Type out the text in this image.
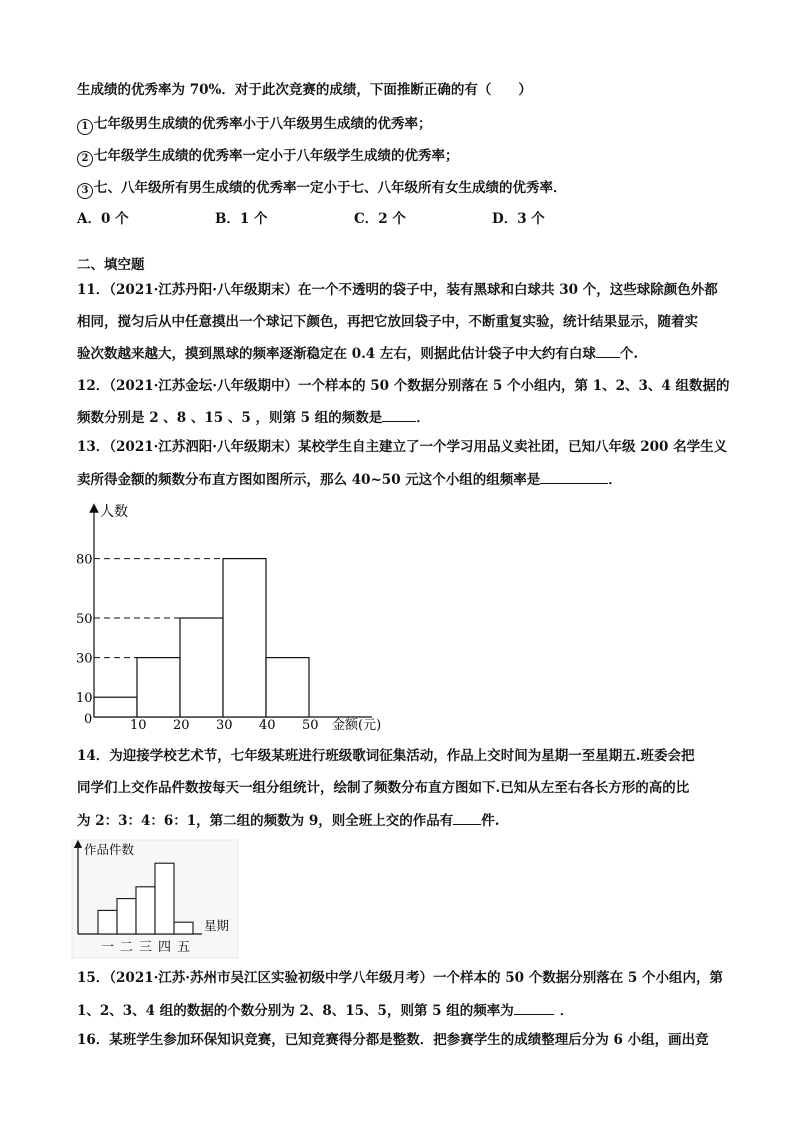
生成绩的优秀率为 70%．对于此次竞赛的成绩，下面推断正确的有（　　）
1 七年级男生成绩的优秀率小于八年级男生成绩的优秀率；
2 七年级学生成绩的优秀率一定小于八年级学生成绩的优秀率；
3 七、八年级所有男生成绩的优秀率一定小于七、八年级所有女生成绩的优秀率．
A．0 个	B．1 个	C．2 个	D．3 个
二、填空题
11．（2021·江苏丹阳·八年级期末）在一个不透明的袋子中，装有黑球和白球共 30 个，这些球除颜色外都
相同，搅匀后从中任意摸出一个球记下颜色，再把它放回袋子中，不断重复实验，统计结果显示，随着实
验次数越来越大，摸到黑球的频率逐渐稳定在 0.4 左右，则据此估计袋子中大约有白球 个.
12．（2021·江苏金坛·八年级期中）一个样本的 50 个数据分别落在 5 个小组内，第 1、2、3、4 组数据的
频数分别是 2 、8 、15 、5 ，则第 5 组的频数是	．
13．（2021·江苏泗阳·八年级期末）某校学生自主建立了一个学习用品义卖社团，已知八年级 200 名学生义
卖所得金额的频数分布直方图如图所示，那么 40~50 元这个小组的组频率是	．
人数
金额(元)
10
30
50
80
0	10 20 30 40 50
14．为迎接学校艺术节，七年级某班进行班级歌词征集活动，作品上交时间为星期一至星期五.班委会把
同学们上交作品件数按每天一组分组统计，绘制了频数分布直方图如下.已知从左至右各长方形的高的比
为 2：3：4：6：1，第二组的频数为 9，则全班上交的作品有 件.
作品件数
星期
一 二 三 四 五
15．（2021·江苏·苏州市吴江区实验初级中学八年级月考）一个样本的 50 个数据分别落在 5 个小组内，第
1、2、3、4 组的数据的个数分别为 2、8、15、5，则第 5 组的频率为	．
16．某班学生参加环保知识竞赛，已知竞赛得分都是整数．把参赛学生的成绩整理后分为 6 小组，画出竞
